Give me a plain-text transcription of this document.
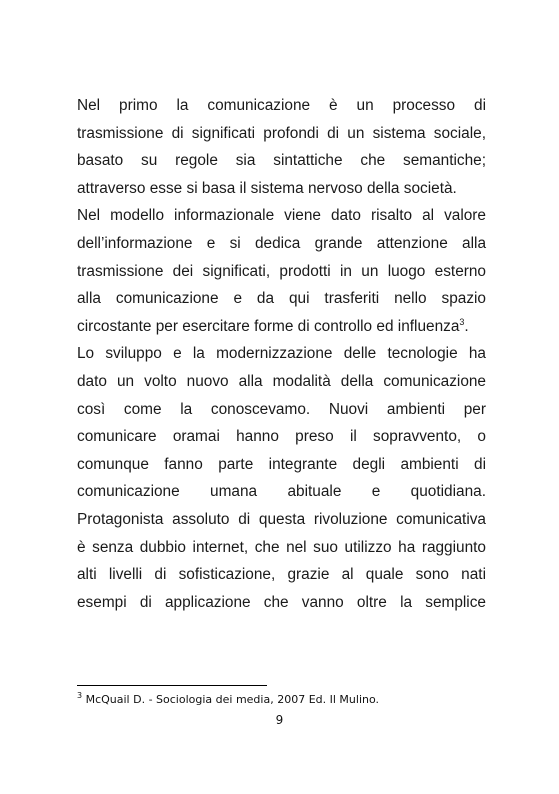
Nel primo la comunicazione è un processo di
trasmissione di significati profondi di un sistema sociale,
basato su regole sia sintattiche che semantiche;
attraverso esse si basa il sistema nervoso della società.
Nel modello informazionale viene dato risalto al valore
dell’informazione e si dedica grande attenzione alla
trasmissione dei significati, prodotti in un luogo esterno
alla comunicazione e da qui trasferiti nello spazio
circostante per esercitare forme di controllo ed influenza$^3$.
Lo sviluppo e la modernizzazione delle tecnologie ha
dato un volto nuovo alla modalità della comunicazione
così come la conoscevamo. Nuovi ambienti per
comunicare oramai hanno preso il sopravvento, o
comunque fanno parte integrante degli ambienti di
comunicazione umana abituale e quotidiana.
Protagonista assoluto di questa rivoluzione comunicativa
è senza dubbio internet, che nel suo utilizzo ha raggiunto
alti livelli di sofisticazione, grazie al quale sono nati
esempi di applicazione che vanno oltre la semplice
$^3$ McQuail D. - Sociologia dei media, 2007 Ed. Il Mulino.
9
